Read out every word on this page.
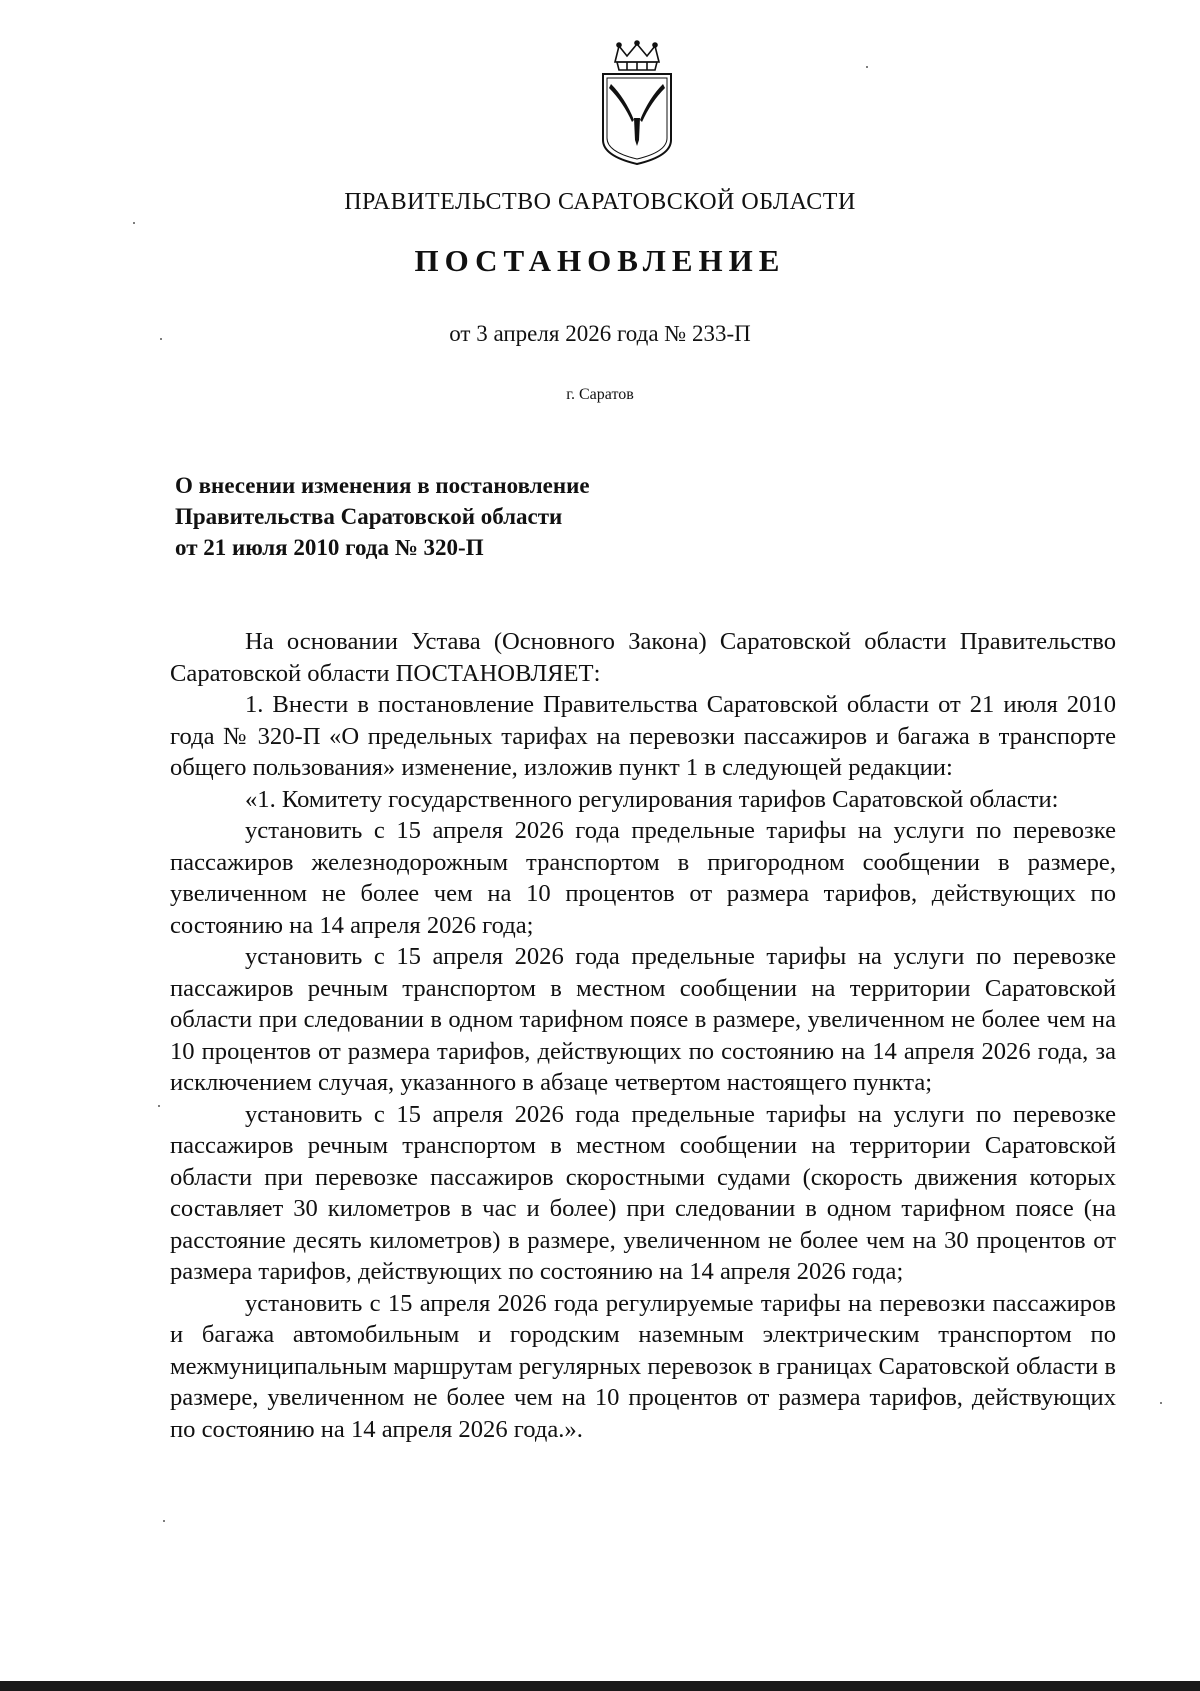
ПРАВИТЕЛЬСТВО САРАТОВСКОЙ ОБЛАСТИ
ПОСТАНОВЛЕНИЕ
от 3 апреля 2026 года № 233-П
г. Саратов
О внесении изменения в постановление
Правительства Саратовской области
от 21 июля 2010 года № 320-П

На основании Устава (Основного Закона) Саратовской области Правительство Саратовской области ПОСТАНОВЛЯЕТ:

1. Внести в постановление Правительства Саратовской области от 21 июля 2010 года № 320-П «О предельных тарифах на перевозки пассажиров и багажа в транспорте общего пользования» изменение, изложив пункт 1 в следующей редакции:

«1. Комитету государственного регулирования тарифов Саратовской области:

установить с 15 апреля 2026 года предельные тарифы на услуги по перевозке пассажиров железнодорожным транспортом в пригородном сообщении в размере, увеличенном не более чем на 10 процентов от размера тарифов, действующих по состоянию на 14 апреля 2026 года;

установить с 15 апреля 2026 года предельные тарифы на услуги по перевозке пассажиров речным транспортом в местном сообщении на территории Саратовской области при следовании в одном тарифном поясе в размере, увеличенном не более чем на 10 процентов от размера тарифов, действующих по состоянию на 14 апреля 2026 года, за исключением случая, указанного в абзаце четвертом настоящего пункта;

установить с 15 апреля 2026 года предельные тарифы на услуги по перевозке пассажиров речным транспортом в местном сообщении на территории Саратовской области при перевозке пассажиров скоростными судами (скорость движения которых составляет 30 километров в час и более) при следовании в одном тарифном поясе (на расстояние десять километров) в размере, увеличенном не более чем на 30 процентов от размера тарифов, действующих по состоянию на 14 апреля 2026 года;

установить с 15 апреля 2026 года регулируемые тарифы на перевозки пассажиров и багажа автомобильным и городским наземным электрическим транспортом по межмуниципальным маршрутам регулярных перевозок в границах Саратовской области в размере, увеличенном не более чем на 10 процентов от размера тарифов, действующих по состоянию на 14 апреля 2026 года.».
